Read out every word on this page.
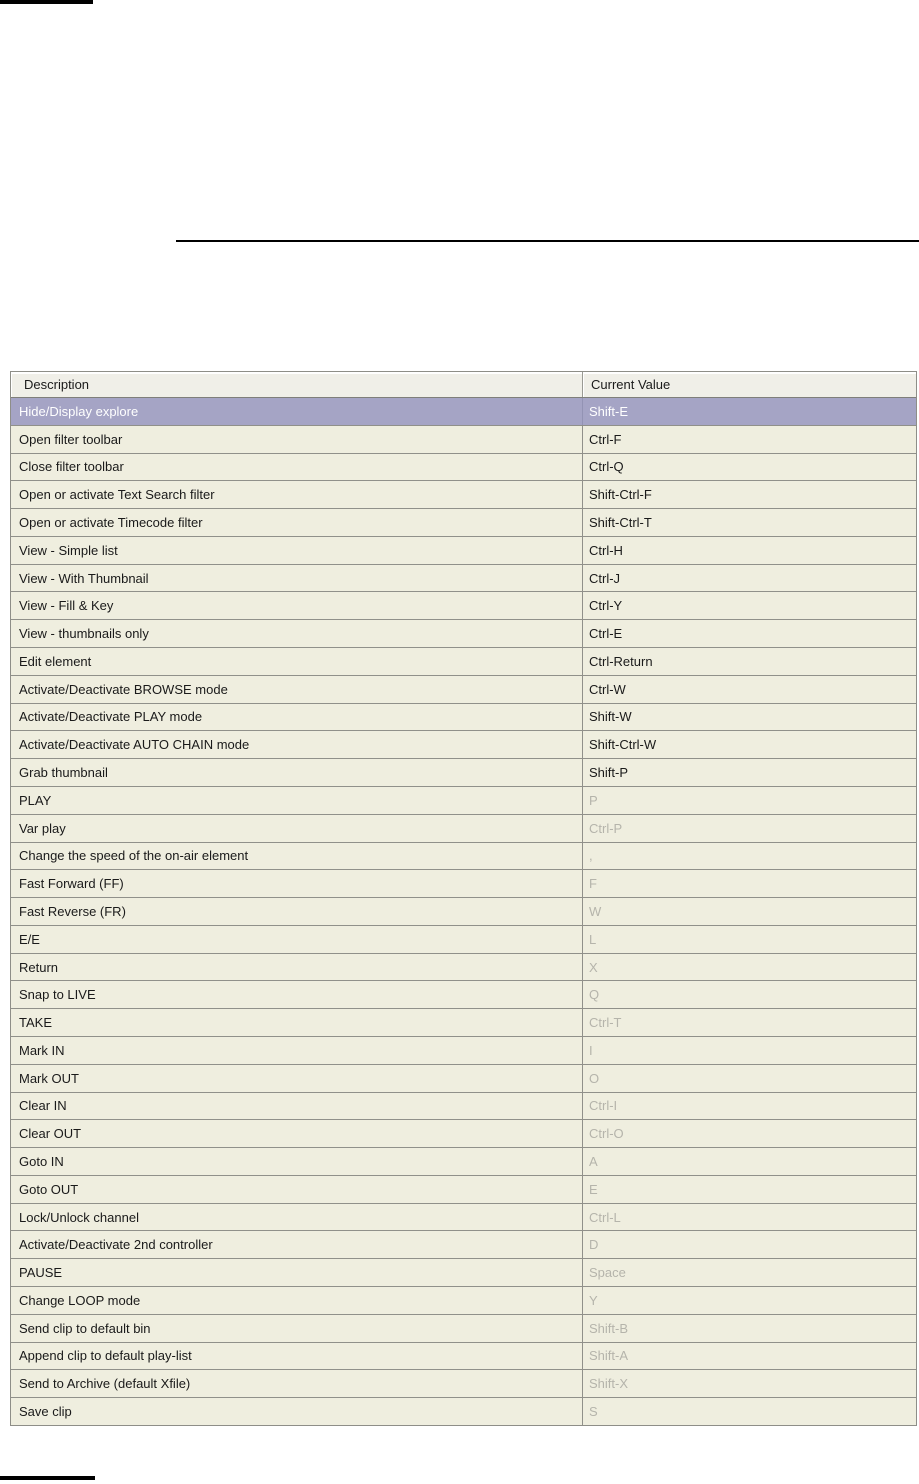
Description	Current Value
Hide/Display explore	Shift-E
Open filter toolbar	Ctrl-F
Close filter toolbar	Ctrl-Q
Open or activate Text Search filter	Shift-Ctrl-F
Open or activate Timecode filter	Shift-Ctrl-T
View - Simple list	Ctrl-H
View - With Thumbnail	Ctrl-J
View - Fill & Key	Ctrl-Y
View - thumbnails only	Ctrl-E
Edit element	Ctrl-Return
Activate/Deactivate BROWSE mode	Ctrl-W
Activate/Deactivate PLAY mode	Shift-W
Activate/Deactivate AUTO CHAIN mode	Shift-Ctrl-W
Grab thumbnail	Shift-P
PLAY	P
Var play	Ctrl-P
Change the speed of the on-air element	,
Fast Forward (FF)	F
Fast Reverse (FR)	W
E/E	L
Return	X
Snap to LIVE	Q
TAKE	Ctrl-T
Mark IN	I
Mark OUT	O
Clear IN	Ctrl-I
Clear OUT	Ctrl-O
Goto IN	A
Goto OUT	E
Lock/Unlock channel	Ctrl-L
Activate/Deactivate 2nd controller	D
PAUSE	Space
Change LOOP mode	Y
Send clip to default bin	Shift-B
Append clip to default play-list	Shift-A
Send to Archive (default Xfile)	Shift-X
Save clip	S
